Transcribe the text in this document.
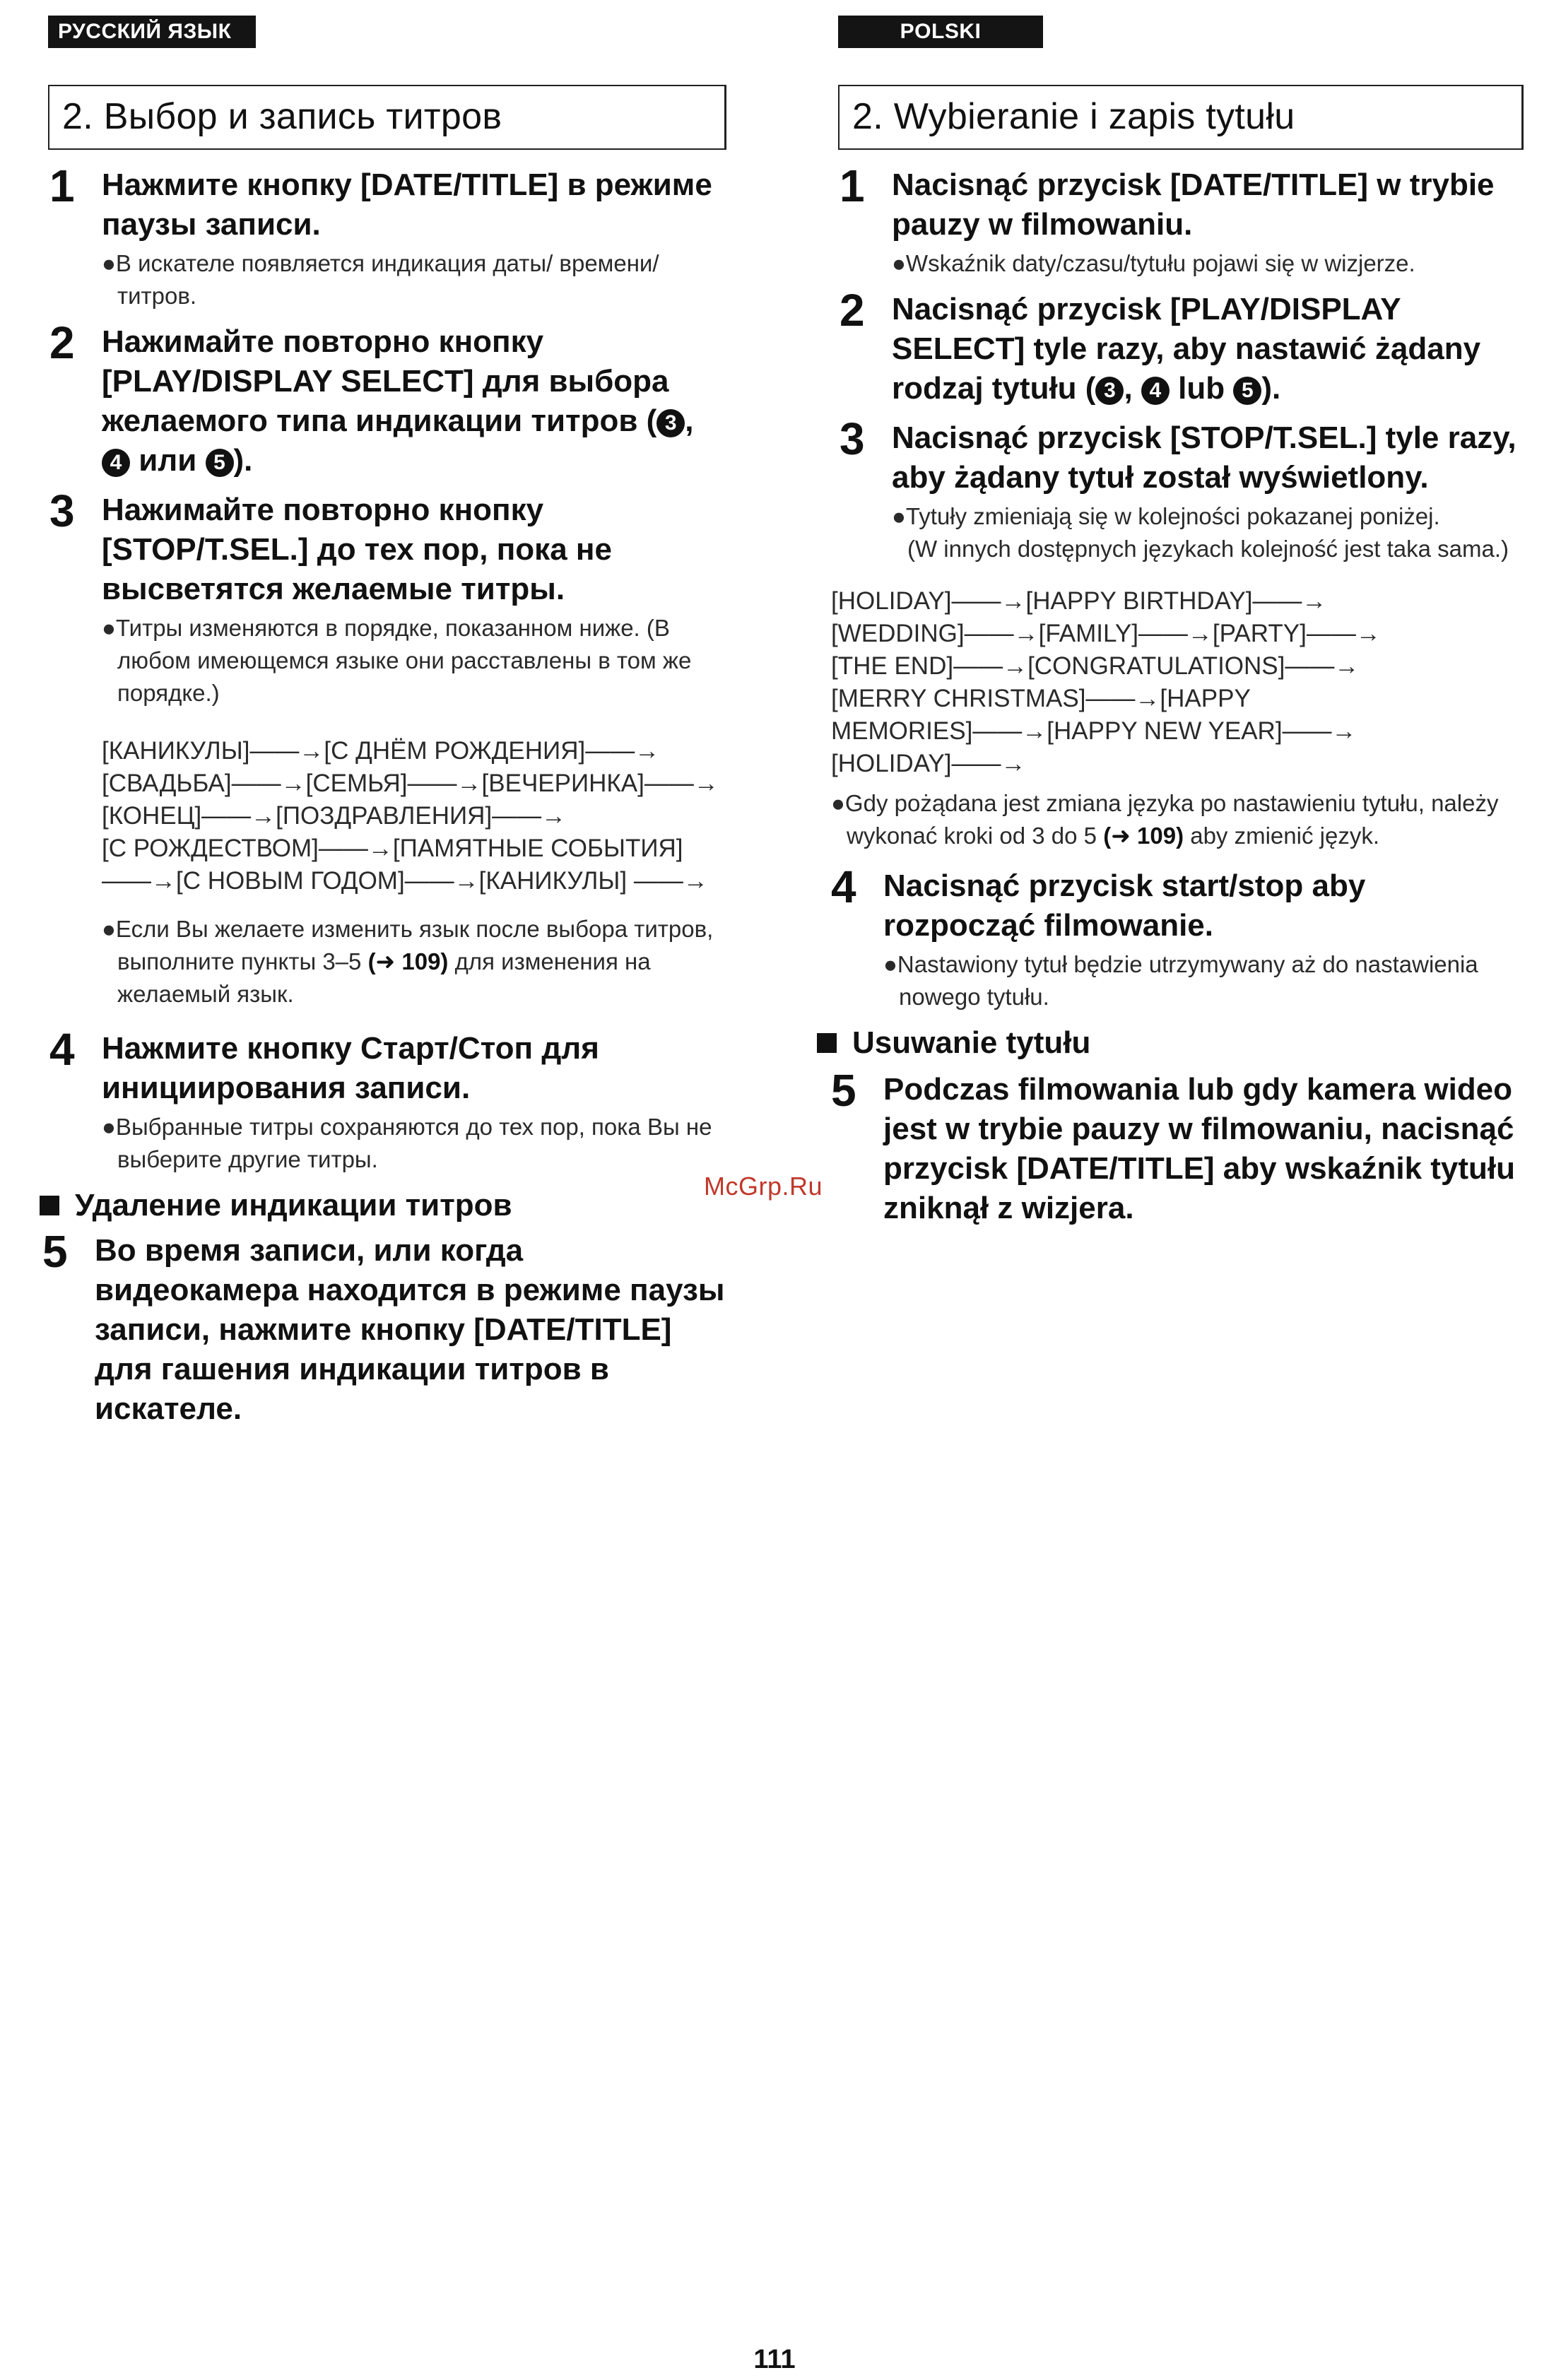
РУССКИЙ ЯЗЫК
2. Выбор и запись титров
1 Нажмите кнопку [DATE/TITLE] в режиме паузы записи.

●В искателе появляется индикация даты/ времени/титров.

2 Нажимайте повторно кнопку [PLAY/DISPLAY SELECT] для выбора желаемого типа индикации титров ( 3 , 4 или 5 ).

3 Нажимайте повторно кнопку [STOP/T.SEL.] до тех пор, пока не высветятся желаемые титры.

●Титры изменяются в порядке, показанном ниже. (В любом имеющемся языке они расставлены в том же порядке.)

[КАНИКУЛЫ]——→[С ДНЁМ РОЖДЕНИЯ]——→
[СВАДЬБА]——→[СЕМЬЯ]——→[ВЕЧЕРИНКА]——→
[КОНЕЦ]——→[ПОЗДРАВЛЕНИЯ]——→
[С РОЖДЕСТВОМ]——→[ПАМЯТНЫЕ СОБЫТИЯ]
——→[С НОВЫМ ГОДОМ]——→[КАНИКУЛЫ] ——→
●Если Вы желаете изменить язык после выбора титров, выполните пункты 3–5 (➜ 109) для изменения на желаемый язык.
4 Нажмите кнопку Старт/Стоп для инициирования записи.

●Выбранные титры сохраняются до тех пор, пока Вы не выберите другие титры.

Удаление индикации титров
5 Во время записи, или когда видеокамера находится в режиме паузы записи, нажмите кнопку [DATE/TITLE] для гашения индикации титров в искателе.

POLSKI
2. Wybieranie i zapis tytułu
1 Nacisnąć przycisk [DATE/TITLE] w trybie pauzy w filmowaniu.

●Wskaźnik daty/czasu/tytułu pojawi się w wizjerze.

2 Nacisnąć przycisk [PLAY/DISPLAY SELECT] tyle razy, aby nastawić żądany rodzaj tytułu ( 3 , 4 lub 5 ).

3 Nacisnąć przycisk [STOP/T.SEL.] tyle razy, aby żądany tytuł został wyświetlony.

●Tytuły zmieniają się w kolejności pokazanej poniżej.
(W innych dostępnych językach kolejność jest taka sama.)

[HOLIDAY]——→[HAPPY BIRTHDAY]——→
[WEDDING]——→[FAMILY]——→[PARTY]——→
[THE END]——→[CONGRATULATIONS]——→
[MERRY CHRISTMAS]——→[HAPPY
MEMORIES]——→[HAPPY NEW YEAR]——→
[HOLIDAY]——→
●Gdy pożądana jest zmiana języka po nastawieniu tytułu, należy wykonać kroki od 3 do 5 (➜ 109) aby zmienić język.
4 Nacisnąć przycisk start/stop aby rozpocząć filmowanie.

●Nastawiony tytuł będzie utrzymywany aż do nastawienia nowego tytułu.

Usuwanie tytułu
5 Podczas filmowania lub gdy kamera wideo jest w trybie pauzy w filmowaniu, nacisnąć przycisk [DATE/TITLE] aby wskaźnik tytułu zniknął z wizjera.

McGrp.Ru
111
